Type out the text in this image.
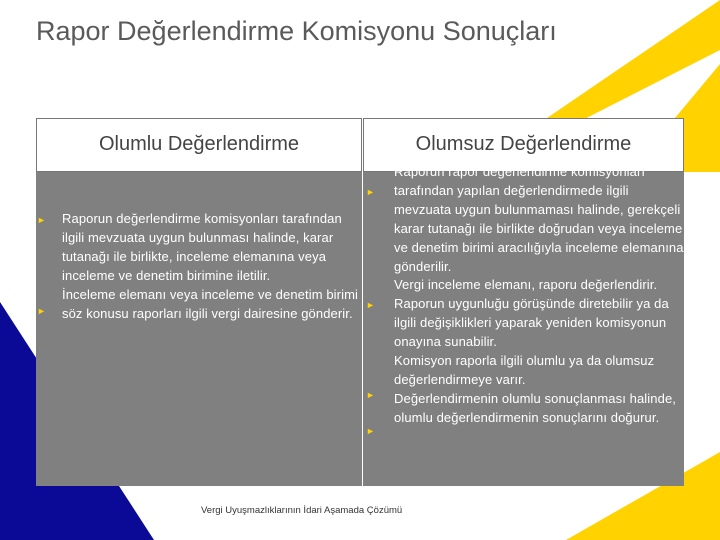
Rapor Değerlendirme Komisyonu Sonuçları
Olumlu Değerlendirme	Olumsuz Değerlendirme
►
►
►
►
►
►
Raporun değerlendirme komisyonları tarafından ilgili mevzuata uygun bulunması halinde, karar tutanağı ile birlikte, inceleme elemanına veya inceleme ve denetim birimine iletilir.
İnceleme elemanı veya inceleme ve denetim birimi söz konusu raporları ilgili vergi dairesine gönderir.
Raporun rapor değerlendirme komisyonları tarafından yapılan değerlendirmede ilgili mevzuata uygun bulunmaması halinde, gerekçeli karar tutanağı ile birlikte doğrudan veya inceleme ve denetim birimi aracılığıyla inceleme elemanına gönderilir.
Vergi inceleme elemanı, raporu değerlendirir. Raporun uygunluğu görüşünde diretebilir ya da ilgili değişiklikleri yaparak yeniden komisyonun onayına sunabilir.
Komisyon raporla ilgili olumlu ya da olumsuz değerlendirmeye varır.
Değerlendirmenin olumlu sonuçlanması halinde, olumlu değerlendirmenin sonuçlarını doğurur.
Vergi Uyuşmazlıklarının İdari Aşamada Çözümü
